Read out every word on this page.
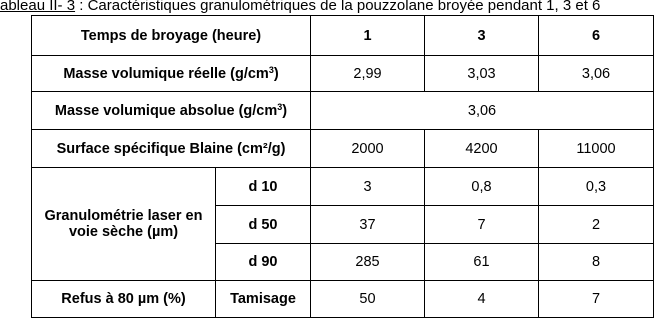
ableau II- 3 : Caractéristiques granulométriques de la pouzzolane broyée pendant 1, 3 et 6
Temps de broyage (heure)		1	3	6
Masse volumique réelle $(g/cm^3)$		2,99	3,03	3,06
Masse volumique absolue $(g/cm^3)$		3,06		
Surface spécifique Blaine (cm²/g)		2000	4200	11000
Granulométrie laser en voie sèche (µm)	d 10	3	0,8	0,3
	d 50	37	7	2
	d 90	285	61	8
Refus à 80 µm (%)	Tamisage	50	4	7
